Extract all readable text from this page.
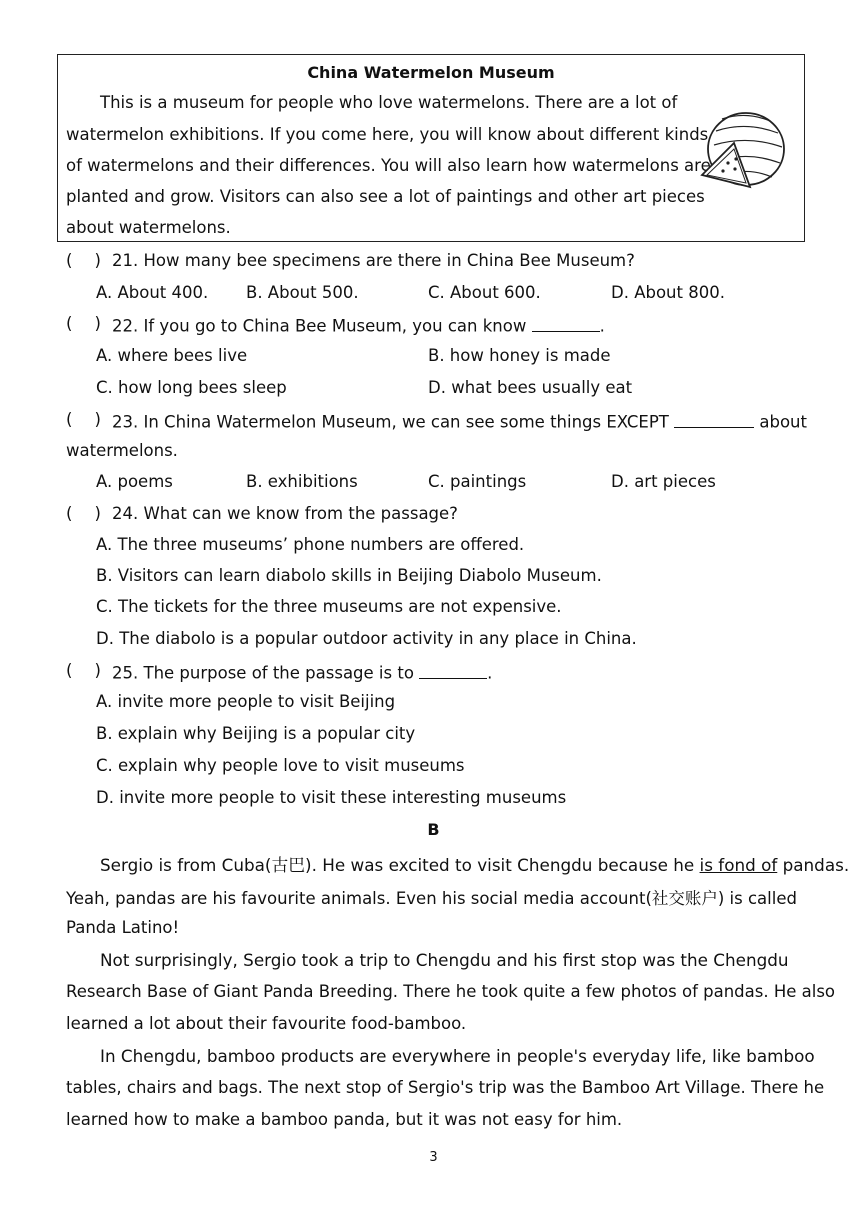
China Watermelon Museum
This is a museum for people who love watermelons. There are a lot of
watermelon exhibitions. If you come here, you will know about different kinds
of watermelons and their differences. You will also learn how watermelons are
planted and grow. Visitors can also see a lot of paintings and other art pieces
about watermelons.
( ) 21. How many bee specimens are there in China Bee Museum?
A. About 400. B. About 500.	C. About 600.	D. About 800.
( ) 22. If you go to China Bee Museum, you can know	.
A. where bees live	B. how honey is made
C. how long bees sleep	D. what bees usually eat
( ) 23. In China Watermelon Museum, we can see some things EXCEPT	about
watermelons.
A. poems	B. exhibitions	C. paintings	D. art pieces
( ) 24. What can we know from the passage?
A. The three museums’ phone numbers are offered.
B. Visitors can learn diabolo skills in Beijing Diabolo Museum.
C. The tickets for the three museums are not expensive.
D. The diabolo is a popular outdoor activity in any place in China.
( ) 25. The purpose of the passage is to	.
A. invite more people to visit Beijing
B. explain why Beijing is a popular city
C. explain why people love to visit museums
D. invite more people to visit these interesting museums
B
Sergio is from Cuba(古巴). He was excited to visit Chengdu because he is fond of pandas.
Yeah, pandas are his favourite animals. Even his social media account(社交账户) is called
Panda Latino!
Not surprisingly, Sergio took a trip to Chengdu and his first stop was the Chengdu
Research Base of Giant Panda Breeding. There he took quite a few photos of pandas. He also
learned a lot about their favourite food-bamboo.
In Chengdu, bamboo products are everywhere in people's everyday life, like bamboo
tables, chairs and bags. The next stop of Sergio's trip was the Bamboo Art Village. There he
learned how to make a bamboo panda, but it was not easy for him.
3
